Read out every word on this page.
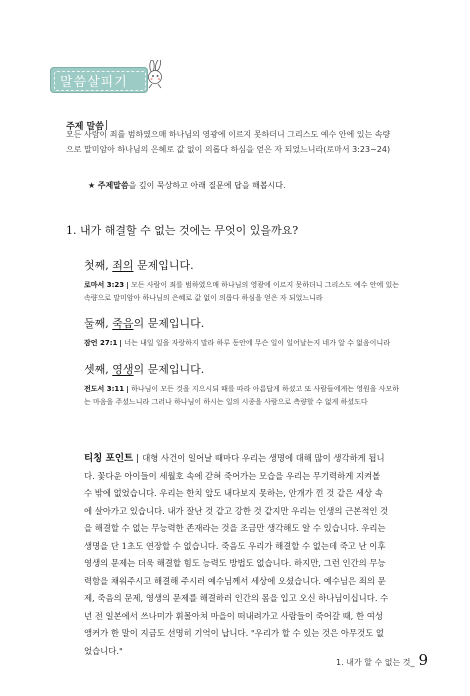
말씀살피기
주제 말씀
모든 사람이 죄를 범하였으매 하나님의 영광에 이르지 못하더니 그리스도 예수 안에 있는 속량
으로 말미암아 하나님의 은혜로 값 없이 의롭다 하심을 얻은 자 되었느니라(로마서 3:23~24)
★ 주제말씀을 깊이 묵상하고 아래 질문에 답을 해봅시다.
1. 내가 해결할 수 없는 것에는 무엇이 있을까요?
첫째, 죄의 문제입니다.
로마서 3:23 모든 사람이 죄를 범하였으매 하나님의 영광에 이르지 못하더니 그리스도 예수 안에 있는
속량으로 말미암아 하나님의 은혜로 값 없이 의롭다 하심을 얻은 자 되었느니라
둘째, 죽음의 문제입니다.
잠언 27:1 너는 내일 일을 자랑하지 말라 하루 동안에 무슨 일이 일어날는지 네가 알 수 없음이니라
셋째, 영생의 문제입니다.
전도서 3:11 하나님이 모든 것을 지으시되 때를 따라 아름답게 하셨고 또 사람들에게는 영원을 사모하
는 마음을 주셨느니라 그러나 하나님이 하시는 일의 시종을 사람으로 측량할 수 없게 하셨도다
티칭 포인트 대형 사건이 일어날 때마다 우리는 생명에 대해 많이 생각하게 됩니
다. 꽃다운 아이들이 세월호 속에 갇혀 죽어가는 모습을 우리는 무기력하게 지켜볼
수 밖에 없었습니다. 우리는 한치 앞도 내다보지 못하는, 안개가 낀 것 같은 세상 속
에 살아가고 있습니다. 내가 잘난 것 같고 강한 것 같지만 우리는 인생의 근본적인 것
을 해결할 수 없는 무능력한 존재라는 것을 조금만 생각해도 알 수 있습니다. 우리는
생명을 단 1초도 연장할 수 없습니다. 죽음도 우리가 해결할 수 없는데 죽고 난 이후
영생의 문제는 더욱 해결할 힘도 능력도 방법도 없습니다. 하지만, 그런 인간의 무능
력함을 채워주시고 해결해 주시러 예수님께서 세상에 오셨습니다. 예수님은 죄의 문
제, 죽음의 문제, 영생의 문제를 해결하러 인간의 몸을 입고 오신 하나님이십니다. 수
년 전 일본에서 쓰나미가 휘몰아쳐 마을이 떠내려가고 사람들이 죽어갈 때, 한 여성
앵커가 한 말이 지금도 선명히 기억이 납니다. "우리가 할 수 있는 것은 아무것도 없
었습니다."
1. 내가 할 수 없는 것_ 9
